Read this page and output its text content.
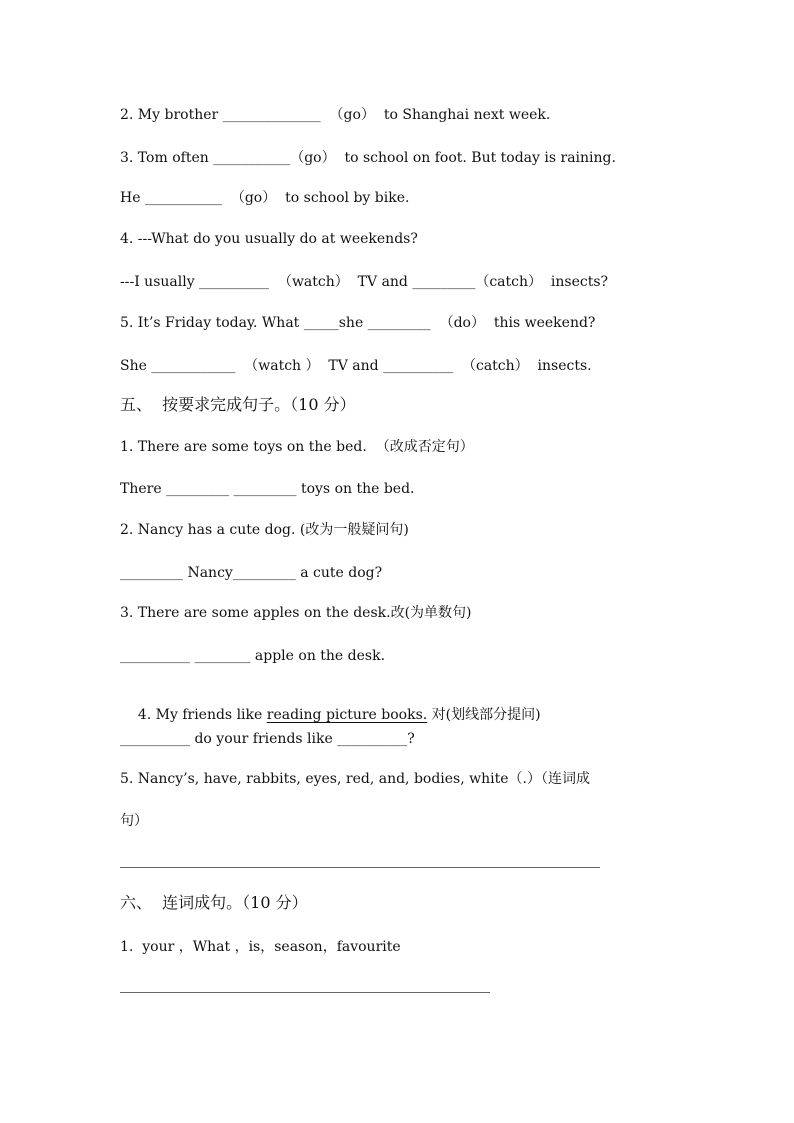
2. My brother ______________  （go）  to Shanghai next week.
3. Tom often ___________（go）  to school on foot. But today is raining.
He ___________  （go）  to school by bike.
4. ---What do you usually do at weekends?
---I usually __________  （watch）  TV and _________（catch）  insects?
5. It’s Friday today. What _____she _________  （do）  this weekend?
She ____________  （watch ）  TV and __________  （catch）  insects.
五、  按要求完成句子。（10 分）
1. There are some toys on the bed.  （改成否定句）
There _________ _________ toys on the bed.
2. Nancy has a cute dog. (改为一般疑问句)
_________ Nancy_________ a cute dog?
3. There are some apples on the desk.改(为单数句)
__________ ________ apple on the desk.

4. My friends like reading picture books. 对(划线部分提问)

__________ do your friends like __________?
5. Nancy’s, have, rabbits, eyes, red, and, bodies, white（.）（连词成
句）
六、  连词成句。（10 分）
1.  your ，What ，is，season，favourite
